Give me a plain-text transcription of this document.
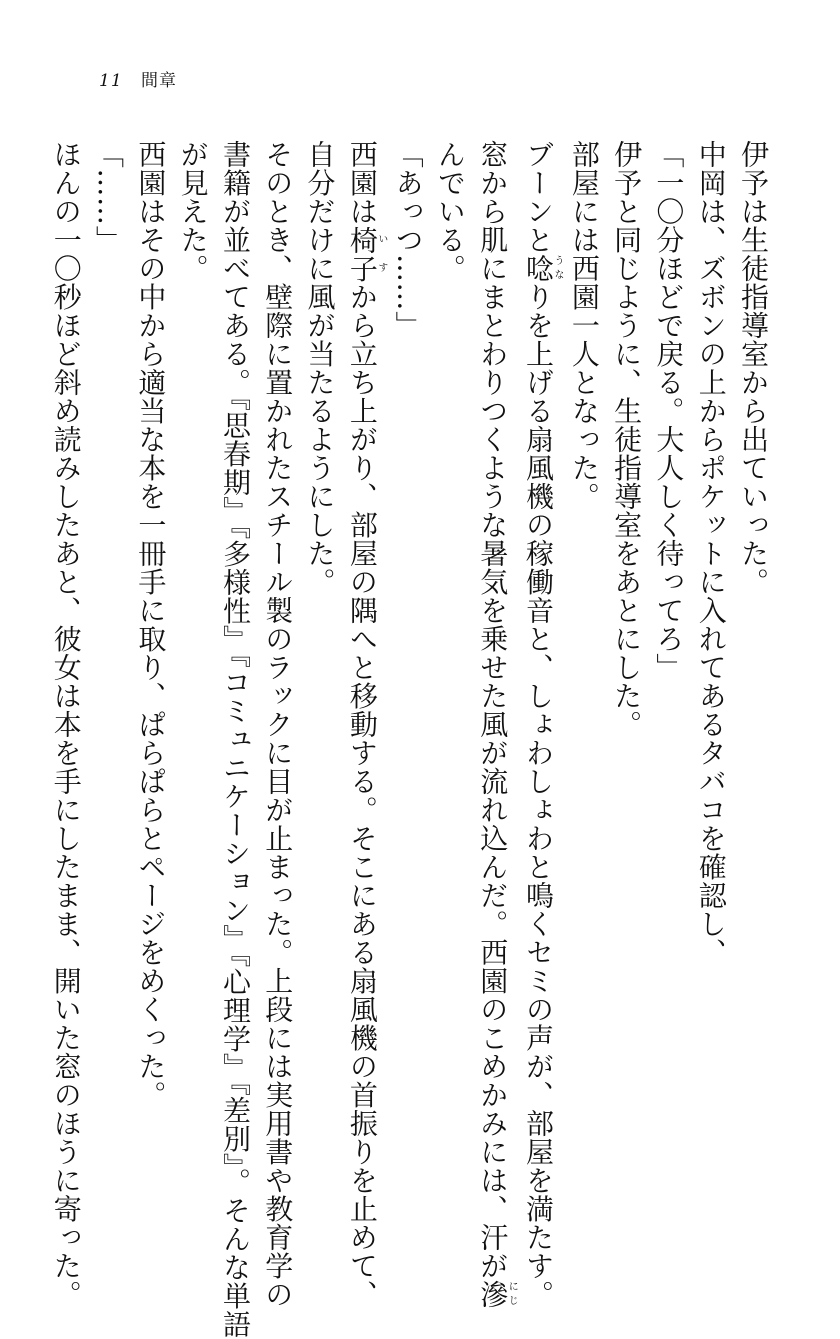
11 間章
伊予は生徒指導室から出ていった。
中岡は、ズボンの上からポケットに入れてあるタバコを確認し、
「一〇分ほどで戻る。大人しく待ってろ」
伊予と同じように、生徒指導室をあとにした。
部屋には西園一人となった。
ブーンと唸うなりを上げる扇風機の稼働音と、しょわしょわと鳴くセミの声が、部屋を満たす。
窓から肌にまとわりつくような暑気を乗せた風が流れ込んだ。西園のこめかみには、汗が滲にじ
んでいる。
「あっつ……」
西園は椅子いすから立ち上がり、部屋の隅へと移動する。そこにある扇風機の首振りを止めて、
自分だけに風が当たるようにした。
そのとき、壁際に置かれたスチール製のラックに目が止まった。上段には実用書や教育学の
書籍が並べてある。『思春期』『多様性』『コミュニケーション』『心理学』『差別』。そんな単語
が見えた。
西園はその中から適当な本を一冊手に取り、ぱらぱらとページをめくった。
「……」
ほんの一〇秒ほど斜め読みしたあと、彼女は本を手にしたまま、開いた窓のほうに寄った。
